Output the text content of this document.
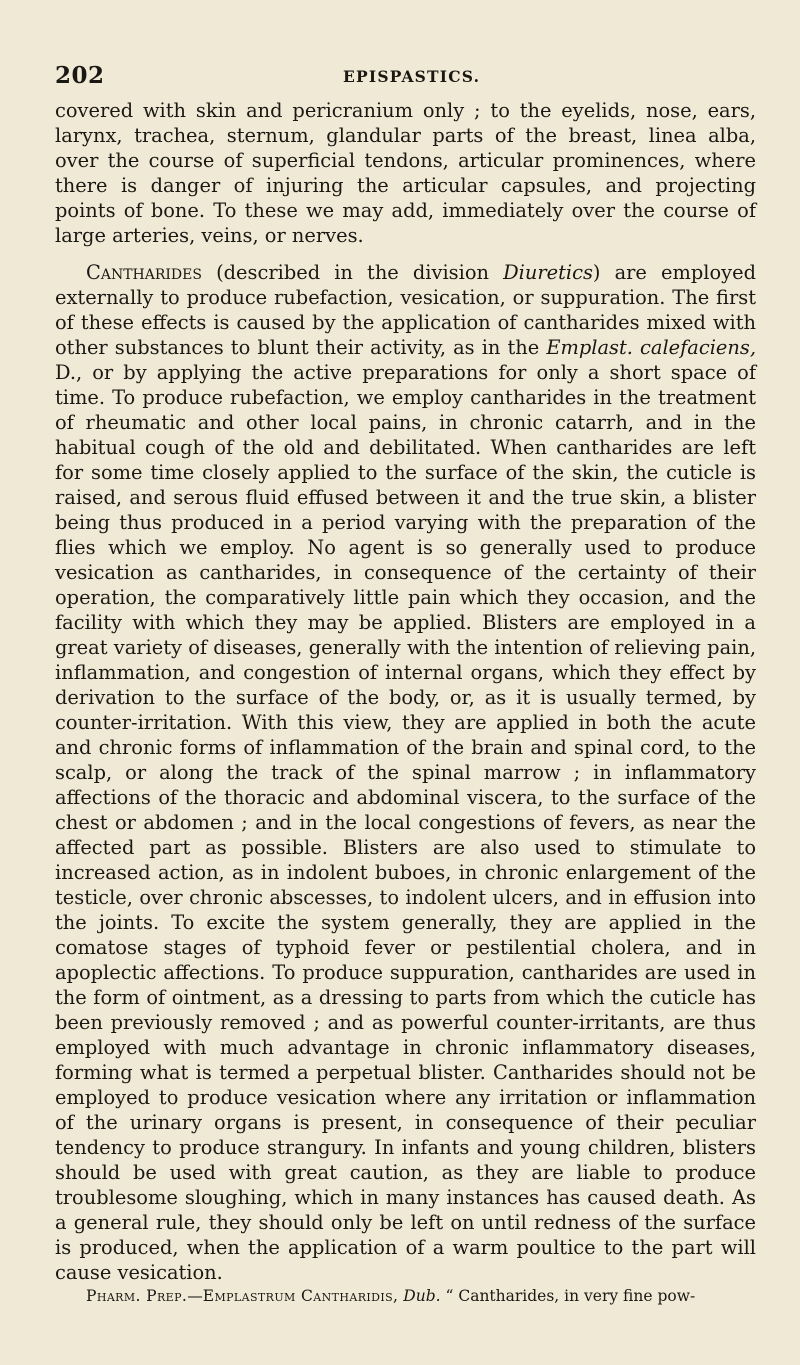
202	EPISPASTICS.

covered with skin and pericranium only ; to the eyelids, nose, ears, larynx, trachea, sternum, glandular parts of the breast, linea alba, over the course of superficial tendons, articular prominences, where there is danger of injuring the articular capsules, and projecting points of bone. To these we may add, immediately over the course of large arteries, veins, or nerves.

Cantharides (described in the division Diuretics) are employed externally to produce rubefaction, vesication, or suppuration. The first of these effects is caused by the application of cantharides mixed with other substances to blunt their activity, as in the Emplast. calefaciens, D., or by applying the active preparations for only a short space of time. To produce rubefaction, we employ cantharides in the treatment of rheumatic and other local pains, in chronic catarrh, and in the habitual cough of the old and debilitated. When cantharides are left for some time closely applied to the surface of the skin, the cuticle is raised, and serous fluid effused between it and the true skin, a blister being thus produced in a period varying with the preparation of the flies which we employ. No agent is so generally used to produce vesication as cantharides, in consequence of the certainty of their operation, the comparatively little pain which they occasion, and the facility with which they may be applied. Blisters are employed in a great variety of diseases, generally with the intention of relieving pain, inflammation, and congestion of internal organs, which they effect by derivation to the surface of the body, or, as it is usually termed, by counter-irritation. With this view, they are applied in both the acute and chronic forms of inflammation of the brain and spinal cord, to the scalp, or along the track of the spinal marrow ; in inflammatory affections of the thoracic and abdominal viscera, to the surface of the chest or abdomen ; and in the local congestions of fevers, as near the affected part as possible. Blisters are also used to stimulate to increased action, as in indolent buboes, in chronic enlargement of the testicle, over chronic abscesses, to indolent ulcers, and in effusion into the joints. To excite the system generally, they are applied in the comatose stages of typhoid fever or pestilential cholera, and in apoplectic affections. To produce suppuration, cantharides are used in the form of ointment, as a dressing to parts from which the cuticle has been previously removed ; and as powerful counter-irritants, are thus employed with much advantage in chronic inflammatory diseases, forming what is termed a perpetual blister. Cantharides should not be employed to produce vesication where any irritation or inflammation of the urinary organs is present, in consequence of their peculiar tendency to produce strangury. In infants and young children, blisters should be used with great caution, as they are liable to produce troublesome sloughing, which in many instances has caused death. As a general rule, they should only be left on until redness of the surface is produced, when the application of a warm poultice to the part will cause vesication.

Pharm. Prep.—Emplastrum Cantharidis, Dub. “ Cantharides, in very fine pow-
